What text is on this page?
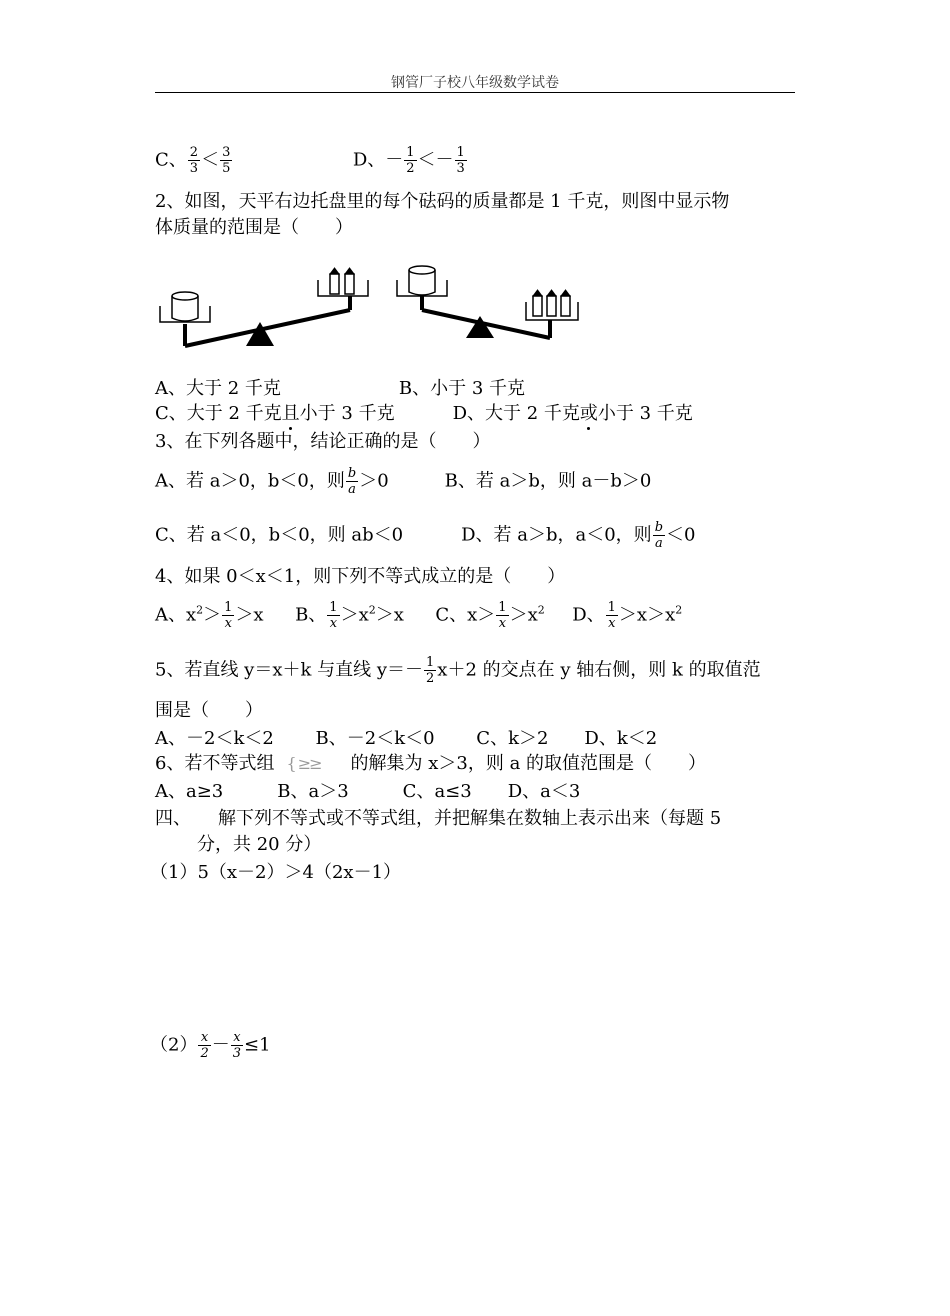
钢管厂子校八年级数学试卷
C、 $\frac{2}{3} < \frac{3}{5}$	D、－ $\frac{1}{2} <- \frac{1}{3}$
2、如图，天平右边托盘里的每个砝码的质量都是 1 千克，则图中显示物
体质量的范围是（　　）
A、大于 2 千克	B、小于 3 千克
C、大于 2 千克且小于 3 千克	D、大于 2 千克或小于 3 千克
3、在下列各题中，结论正确的是（　　）
A、若 a＞0，b＜0，则 $\frac{b}{a} >0$	B、若 a＞b，则 a－b＞0
C、若 a＜0，b＜0，则 ab＜0	D、若 a＞b，a＜0，则 $\frac{b}{a} <0$
4、如果 0＜x＜1，则下列不等式成立的是（　　）
A、$x^2> \frac{1}{x} >x$ B、 $\frac{1}{x} >x^2>x$ C、$x> \frac{1}{x} >x^2$ D、 $\frac{1}{x} >x>x^2$
5、若直线 y＝x＋k 与直线 $y=- \frac{1}{2} x+2$ 的交点在 y 轴右侧，则 k 的取值范
围是（　　）
A、－2＜k＜2　　 B、－2＜k＜0　　 C、k＞2　　D、k＜2
6、若不等式组 { ≥≥ 的解集为 x＞3，则 a 的取值范围是（　　）
A、a≥3　　　B、a＞3　　　C、a≤3　　D、a＜3
四、　　解下列不等式或不等式组，并把解集在数轴上表示出来（每题 5
分，共 20 分）
（1）5（x－2）＞4（2x－1）
$(2) \frac{x}{2} - \frac{x}{3} \le 1$
